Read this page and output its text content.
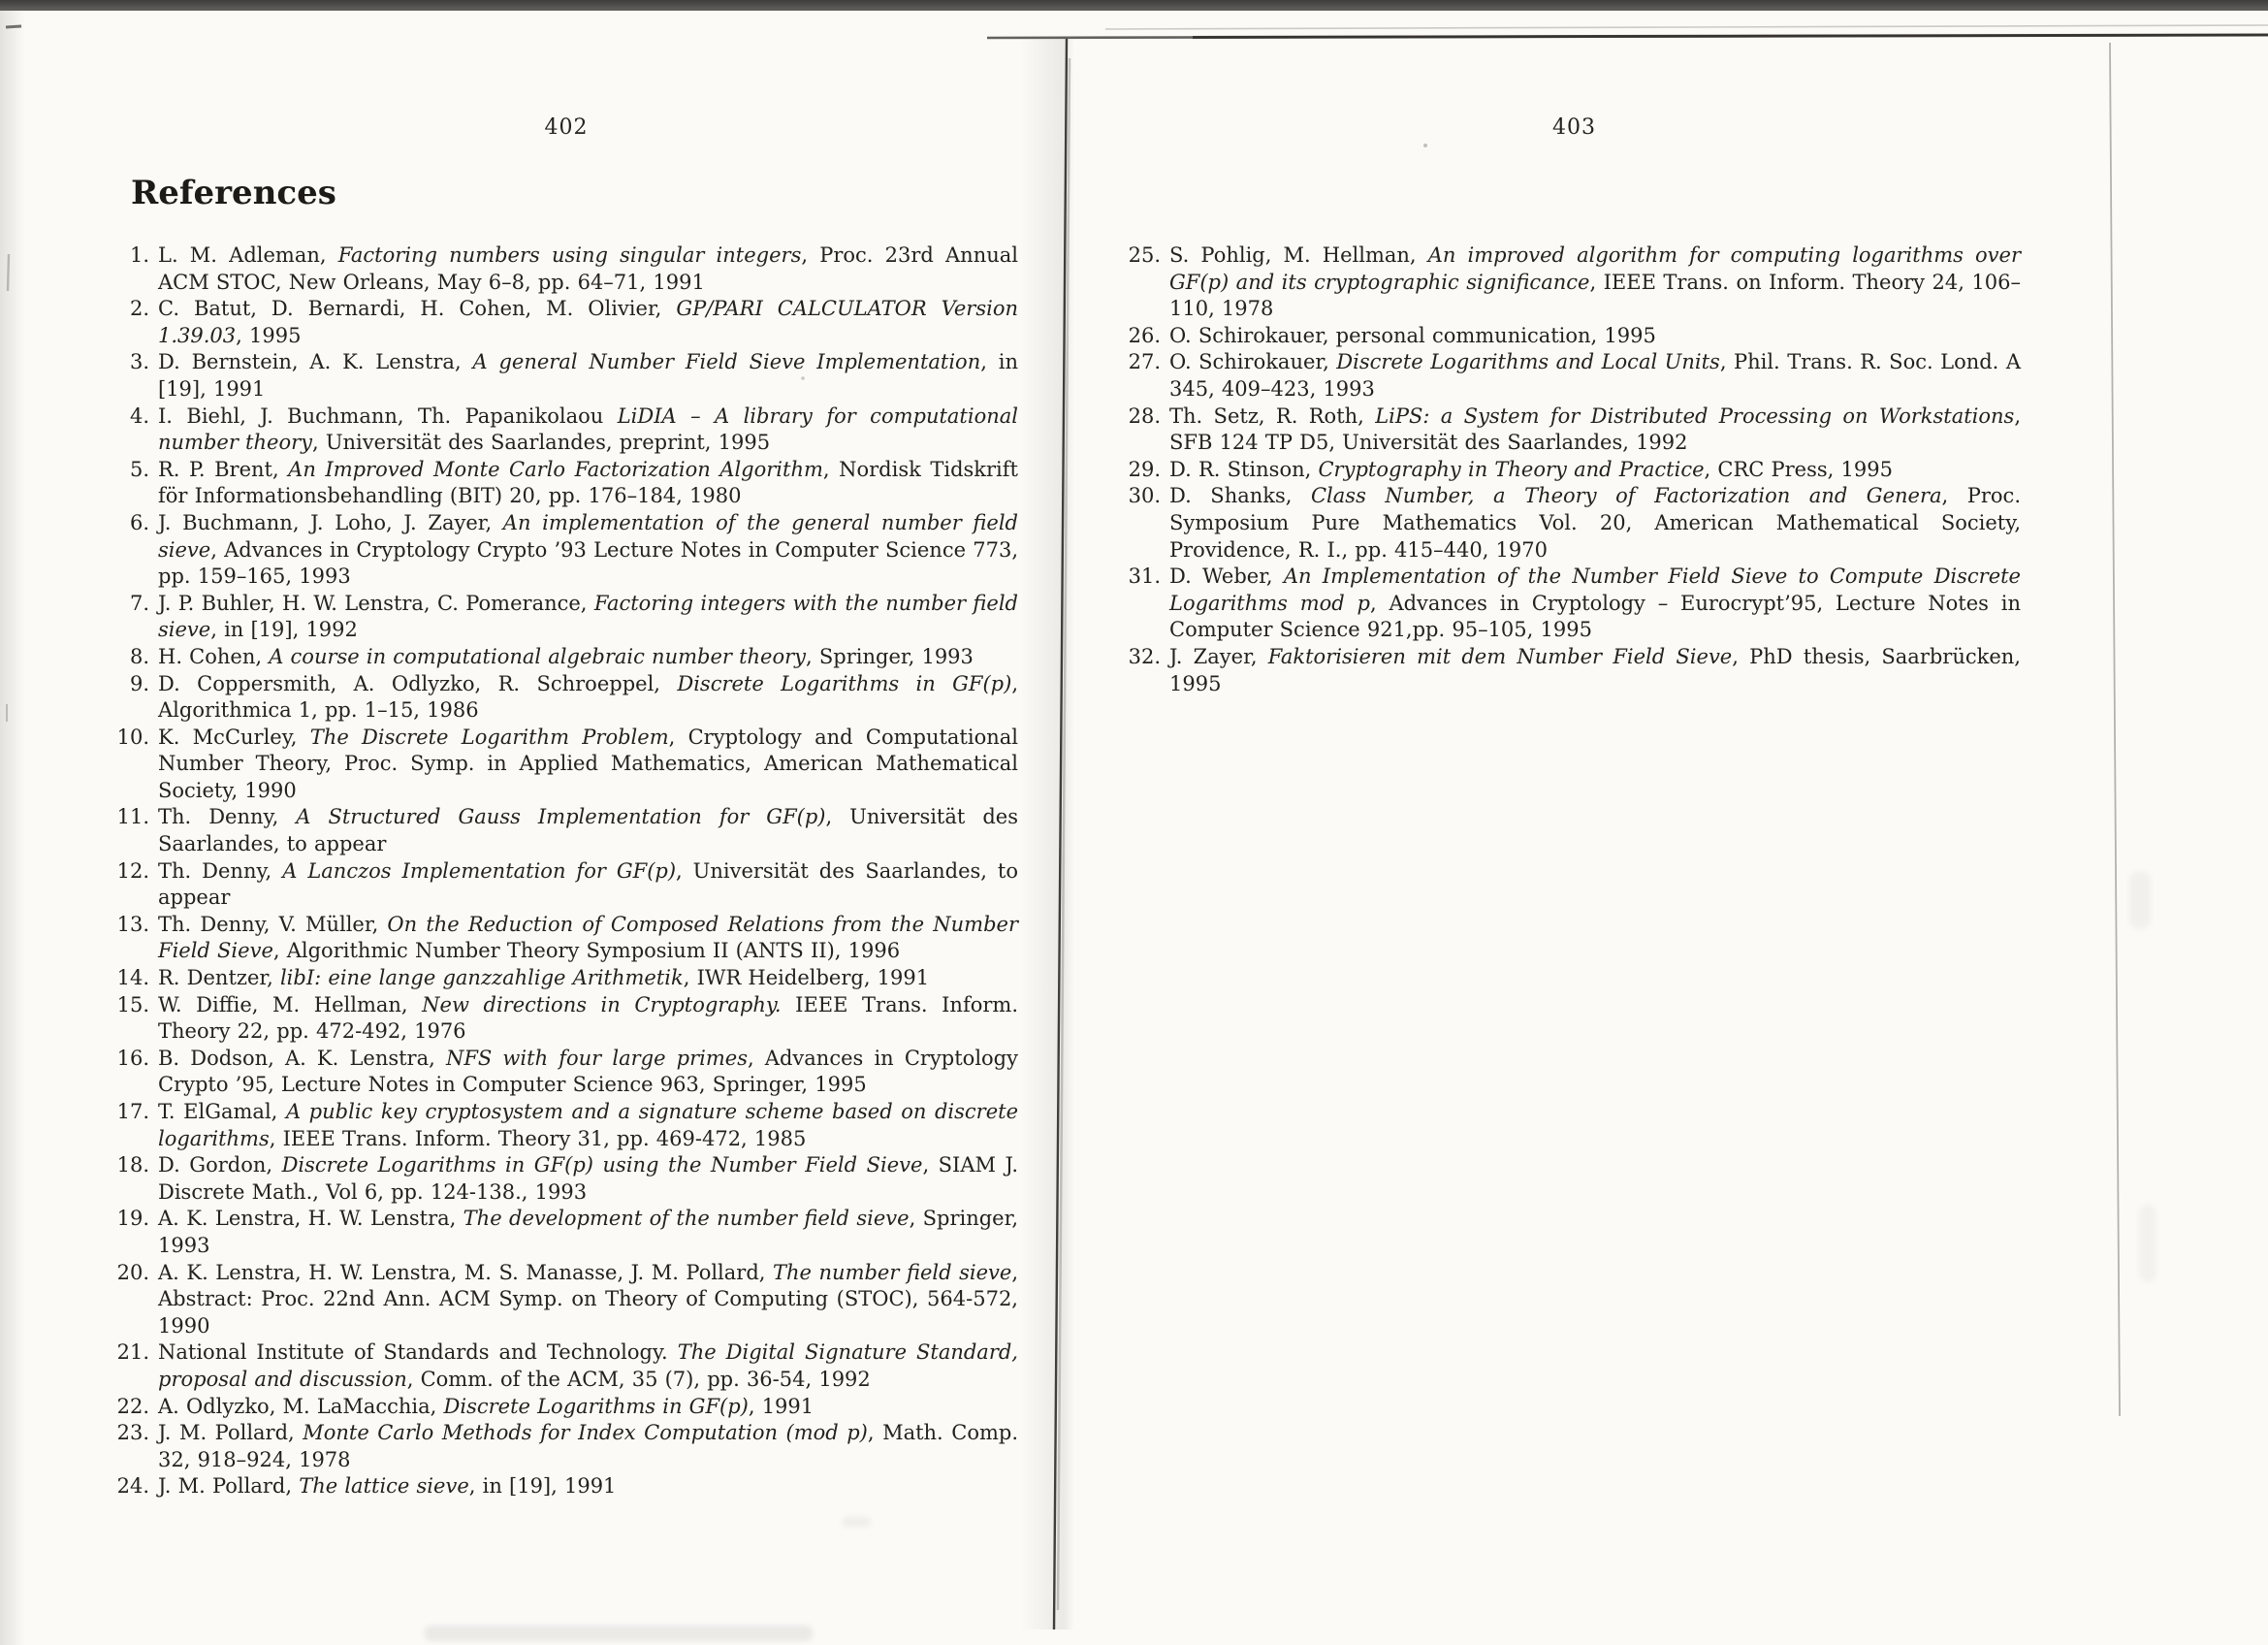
402
References
1. L. M. Adleman, Factoring numbers using singular integers, Proc. 23rd Annual ACM STOC, New Orleans, May 6–8, pp. 64–71, 1991
2. C. Batut, D. Bernardi, H. Cohen, M. Olivier, GP/PARI CALCULATOR Version 1.39.03, 1995
3. D. Bernstein, A. K. Lenstra, A general Number Field Sieve Implementation, in [19], 1991
4. I. Biehl, J. Buchmann, Th. Papanikolaou LiDIA – A library for computational number theory, Universität des Saarlandes, preprint, 1995
5. R. P. Brent, An Improved Monte Carlo Factorization Algorithm, Nordisk Tidskrift för Informationsbehandling (BIT) 20, pp. 176–184, 1980
6. J. Buchmann, J. Loho, J. Zayer, An implementation of the general number field sieve, Advances in Cryptology Crypto ’93 Lecture Notes in Computer Science 773, pp. 159–165, 1993
7. J. P. Buhler, H. W. Lenstra, C. Pomerance, Factoring integers with the number field sieve, in [19], 1992
8. H. Cohen, A course in computational algebraic number theory, Springer, 1993
9. D. Coppersmith, A. Odlyzko, R. Schroeppel, Discrete Logarithms in GF(p), Algorithmica 1, pp. 1–15, 1986
10. K. McCurley, The Discrete Logarithm Problem, Cryptology and Computational Number Theory, Proc. Symp. in Applied Mathematics, American Mathematical Society, 1990
11. Th. Denny, A Structured Gauss Implementation for GF(p), Universität des Saarlandes, to appear
12. Th. Denny, A Lanczos Implementation for GF(p), Universität des Saarlandes, to appear
13. Th. Denny, V. Müller, On the Reduction of Composed Relations from the Number Field Sieve, Algorithmic Number Theory Symposium II (ANTS II), 1996
14. R. Dentzer, libI: eine lange ganzzahlige Arithmetik, IWR Heidelberg, 1991
15. W. Diffie, M. Hellman, New directions in Cryptography. IEEE Trans. Inform. Theory 22, pp. 472-492, 1976
16. B. Dodson, A. K. Lenstra, NFS with four large primes, Advances in Cryptology Crypto ’95, Lecture Notes in Computer Science 963, Springer, 1995
17. T. ElGamal, A public key cryptosystem and a signature scheme based on discrete logarithms, IEEE Trans. Inform. Theory 31, pp. 469-472, 1985
18. D. Gordon, Discrete Logarithms in GF(p) using the Number Field Sieve, SIAM J. Discrete Math., Vol 6, pp. 124-138., 1993
19. A. K. Lenstra, H. W. Lenstra, The development of the number field sieve, Springer, 1993
20. A. K. Lenstra, H. W. Lenstra, M. S. Manasse, J. M. Pollard, The number field sieve, Abstract: Proc. 22nd Ann. ACM Symp. on Theory of Computing (STOC), 564-572, 1990
21. National Institute of Standards and Technology. The Digital Signature Standard, proposal and discussion, Comm. of the ACM, 35 (7), pp. 36-54, 1992
22. A. Odlyzko, M. LaMacchia, Discrete Logarithms in GF(p), 1991
23. J. M. Pollard, Monte Carlo Methods for Index Computation (mod p), Math. Comp. 32, 918–924, 1978
24. J. M. Pollard, The lattice sieve, in [19], 1991
403
25. S. Pohlig, M. Hellman, An improved algorithm for computing logarithms over GF(p) and its cryptographic significance, IEEE Trans. on Inform. Theory 24, 106–110, 1978
26. O. Schirokauer, personal communication, 1995
27. O. Schirokauer, Discrete Logarithms and Local Units, Phil. Trans. R. Soc. Lond. A 345, 409–423, 1993
28. Th. Setz, R. Roth, LiPS: a System for Distributed Processing on Workstations, SFB 124 TP D5, Universität des Saarlandes, 1992
29. D. R. Stinson, Cryptography in Theory and Practice, CRC Press, 1995
30. D. Shanks, Class Number, a Theory of Factorization and Genera, Proc. Symposium Pure Mathematics Vol. 20, American Mathematical Society, Providence, R. I., pp. 415–440, 1970
31. D. Weber, An Implementation of the Number Field Sieve to Compute Discrete Logarithms mod p, Advances in Cryptology – Eurocrypt’95, Lecture Notes in Computer Science 921,pp. 95–105, 1995
32. J. Zayer, Faktorisieren mit dem Number Field Sieve, PhD thesis, Saarbrücken, 1995
